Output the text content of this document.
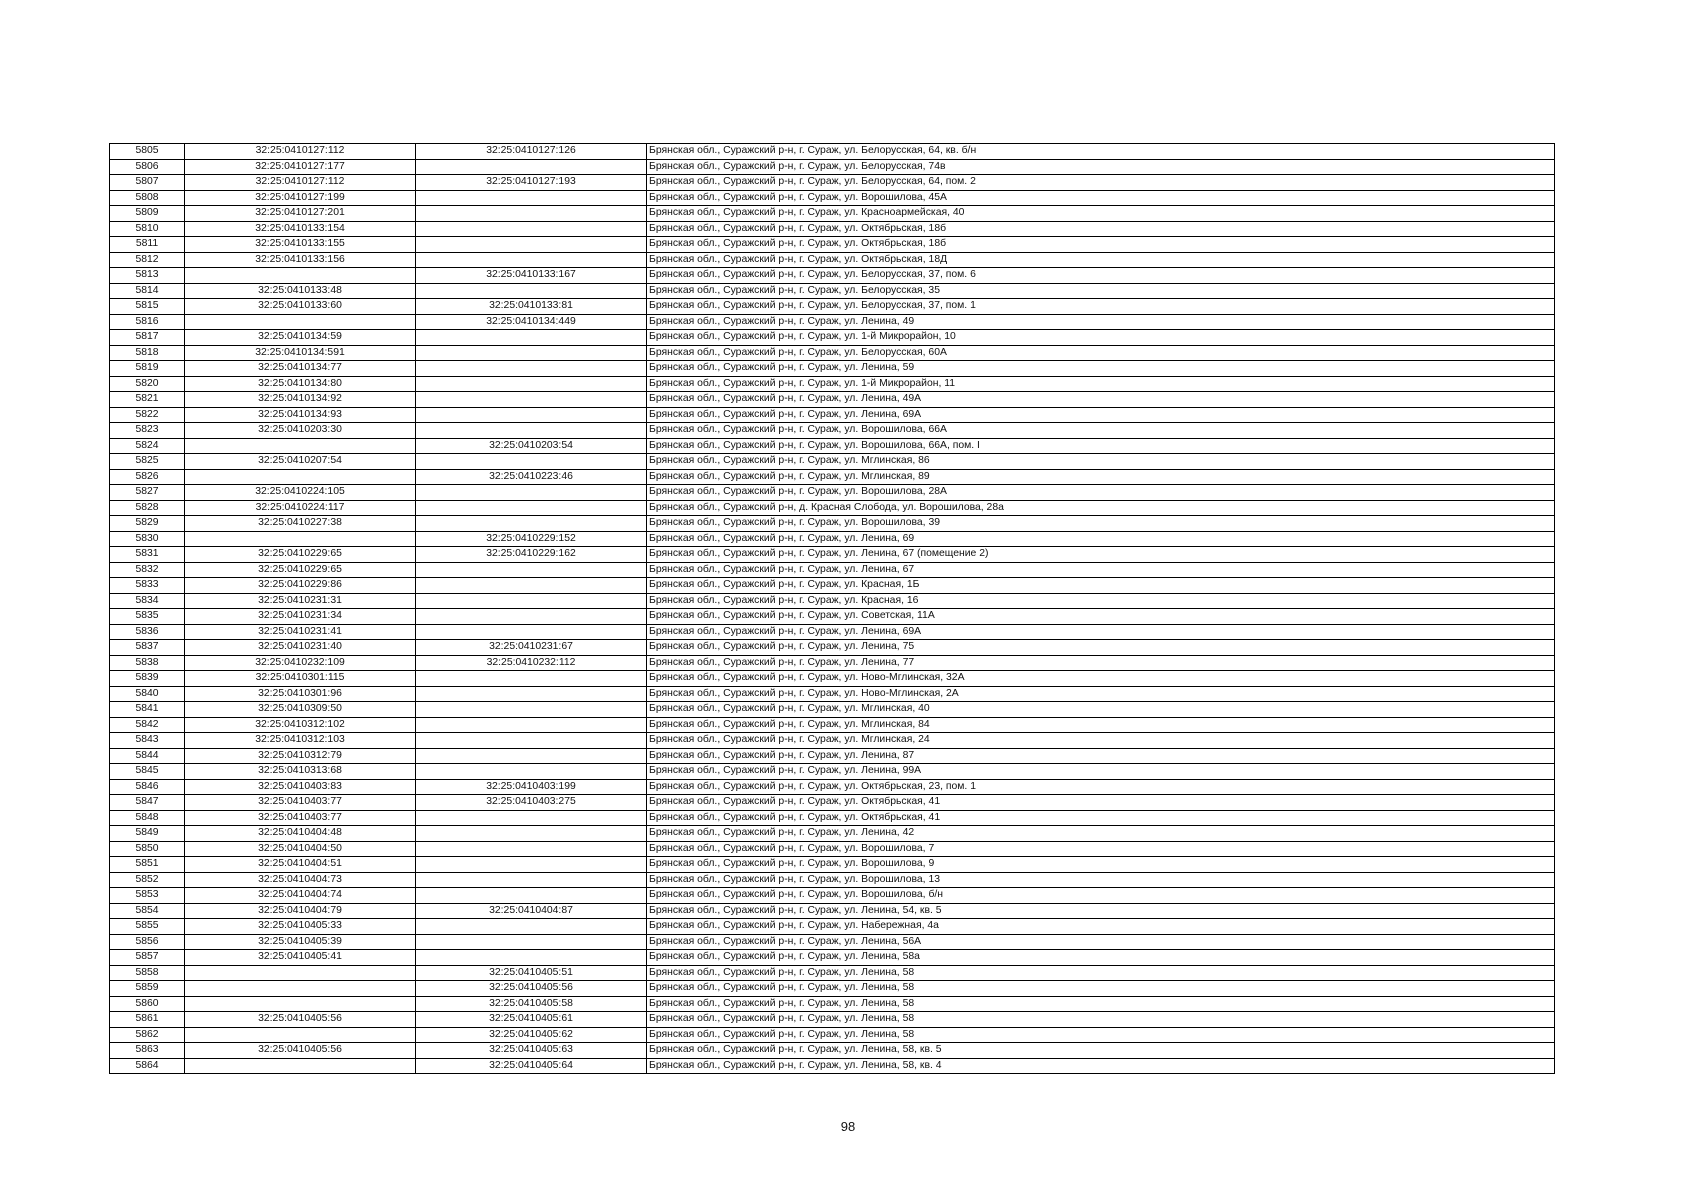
5805	32:25:0410127:112	32:25:0410127:126	Брянская обл., Суражский р-н, г. Сураж, ул. Белорусская, 64, кв. б/н
5806	32:25:0410127:177		Брянская обл., Суражский р-н, г. Сураж, ул. Белорусская, 74в
5807	32:25:0410127:112	32:25:0410127:193	Брянская обл., Суражский р-н, г. Сураж, ул. Белорусская, 64, пом. 2
5808	32:25:0410127:199		Брянская обл., Суражский р-н, г. Сураж, ул. Ворошилова, 45А
5809	32:25:0410127:201		Брянская обл., Суражский р-н, г. Сураж, ул. Красноармейская, 40
5810	32:25:0410133:154		Брянская обл., Суражский р-н, г. Сураж, ул. Октябрьская, 18б
5811	32:25:0410133:155		Брянская обл., Суражский р-н, г. Сураж, ул. Октябрьская, 18б
5812	32:25:0410133:156		Брянская обл., Суражский р-н, г. Сураж, ул. Октябрьская, 18Д
5813		32:25:0410133:167	Брянская обл., Суражский р-н, г. Сураж, ул. Белорусская, 37, пом. 6
5814	32:25:0410133:48		Брянская обл., Суражский р-н, г. Сураж, ул. Белорусская, 35
5815	32:25:0410133:60	32:25:0410133:81	Брянская обл., Суражский р-н, г. Сураж, ул. Белорусская, 37, пом. 1
5816		32:25:0410134:449	Брянская обл., Суражский р-н, г. Сураж, ул. Ленина, 49
5817	32:25:0410134:59		Брянская обл., Суражский р-н, г. Сураж, ул. 1-й Микрорайон, 10
5818	32:25:0410134:591		Брянская обл., Суражский р-н, г. Сураж, ул. Белорусская, 60А
5819	32:25:0410134:77		Брянская обл., Суражский р-н, г. Сураж, ул. Ленина, 59
5820	32:25:0410134:80		Брянская обл., Суражский р-н, г. Сураж, ул. 1-й Микрорайон, 11
5821	32:25:0410134:92		Брянская обл., Суражский р-н, г. Сураж, ул. Ленина, 49А
5822	32:25:0410134:93		Брянская обл., Суражский р-н, г. Сураж, ул. Ленина, 69А
5823	32:25:0410203:30		Брянская обл., Суражский р-н, г. Сураж, ул. Ворошилова, 66А
5824		32:25:0410203:54	Брянская обл., Суражский р-н, г. Сураж, ул. Ворошилова, 66А, пом. I
5825	32:25:0410207:54		Брянская обл., Суражский р-н, г. Сураж, ул. Мглинская, 86
5826		32:25:0410223:46	Брянская обл., Суражский р-н, г. Сураж, ул. Мглинская, 89
5827	32:25:0410224:105		Брянская обл., Суражский р-н, г. Сураж, ул. Ворошилова, 28А
5828	32:25:0410224:117		Брянская обл., Суражский р-н, д. Красная Слобода, ул. Ворошилова, 28а
5829	32:25:0410227:38		Брянская обл., Суражский р-н, г. Сураж, ул. Ворошилова, 39
5830		32:25:0410229:152	Брянская обл., Суражский р-н, г. Сураж, ул. Ленина, 69
5831	32:25:0410229:65	32:25:0410229:162	Брянская обл., Суражский р-н, г. Сураж, ул. Ленина, 67 (помещение 2)
5832	32:25:0410229:65		Брянская обл., Суражский р-н, г. Сураж, ул. Ленина, 67
5833	32:25:0410229:86		Брянская обл., Суражский р-н, г. Сураж, ул. Красная, 1Б
5834	32:25:0410231:31		Брянская обл., Суражский р-н, г. Сураж, ул. Красная, 16
5835	32:25:0410231:34		Брянская обл., Суражский р-н, г. Сураж, ул. Советская, 11А
5836	32:25:0410231:41		Брянская обл., Суражский р-н, г. Сураж, ул. Ленина, 69А
5837	32:25:0410231:40	32:25:0410231:67	Брянская обл., Суражский р-н, г. Сураж, ул. Ленина, 75
5838	32:25:0410232:109	32:25:0410232:112	Брянская обл., Суражский р-н, г. Сураж, ул. Ленина, 77
5839	32:25:0410301:115		Брянская обл., Суражский р-н, г. Сураж, ул. Ново-Мглинская, 32А
5840	32:25:0410301:96		Брянская обл., Суражский р-н, г. Сураж, ул. Ново-Мглинская, 2А
5841	32:25:0410309:50		Брянская обл., Суражский р-н, г. Сураж, ул. Мглинская, 40
5842	32:25:0410312:102		Брянская обл., Суражский р-н, г. Сураж, ул. Мглинская, 84
5843	32:25:0410312:103		Брянская обл., Суражский р-н, г. Сураж, ул. Мглинская, 24
5844	32:25:0410312:79		Брянская обл., Суражский р-н, г. Сураж, ул. Ленина, 87
5845	32:25:0410313:68		Брянская обл., Суражский р-н, г. Сураж, ул. Ленина, 99А
5846	32:25:0410403:83	32:25:0410403:199	Брянская обл., Суражский р-н, г. Сураж, ул. Октябрьская, 23, пом. 1
5847	32:25:0410403:77	32:25:0410403:275	Брянская обл., Суражский р-н, г. Сураж, ул. Октябрьская, 41
5848	32:25:0410403:77		Брянская обл., Суражский р-н, г. Сураж, ул. Октябрьская, 41
5849	32:25:0410404:48		Брянская обл., Суражский р-н, г. Сураж, ул. Ленина, 42
5850	32:25:0410404:50		Брянская обл., Суражский р-н, г. Сураж, ул. Ворошилова, 7
5851	32:25:0410404:51		Брянская обл., Суражский р-н, г. Сураж, ул. Ворошилова, 9
5852	32:25:0410404:73		Брянская обл., Суражский р-н, г. Сураж, ул. Ворошилова, 13
5853	32:25:0410404:74		Брянская обл., Суражский р-н, г. Сураж, ул. Ворошилова, б/н
5854	32:25:0410404:79	32:25:0410404:87	Брянская обл., Суражский р-н, г. Сураж, ул. Ленина, 54, кв. 5
5855	32:25:0410405:33		Брянская обл., Суражский р-н, г. Сураж, ул. Набережная, 4а
5856	32:25:0410405:39		Брянская обл., Суражский р-н, г. Сураж, ул. Ленина, 56А
5857	32:25:0410405:41		Брянская обл., Суражский р-н, г. Сураж, ул. Ленина, 58а
5858		32:25:0410405:51	Брянская обл., Суражский р-н, г. Сураж, ул. Ленина, 58
5859		32:25:0410405:56	Брянская обл., Суражский р-н, г. Сураж, ул. Ленина, 58
5860		32:25:0410405:58	Брянская обл., Суражский р-н, г. Сураж, ул. Ленина, 58
5861	32:25:0410405:56	32:25:0410405:61	Брянская обл., Суражский р-н, г. Сураж, ул. Ленина, 58
5862		32:25:0410405:62	Брянская обл., Суражский р-н, г. Сураж, ул. Ленина, 58
5863	32:25:0410405:56	32:25:0410405:63	Брянская обл., Суражский р-н, г. Сураж, ул. Ленина, 58, кв. 5
5864		32:25:0410405:64	Брянская обл., Суражский р-н, г. Сураж, ул. Ленина, 58, кв. 4
98
